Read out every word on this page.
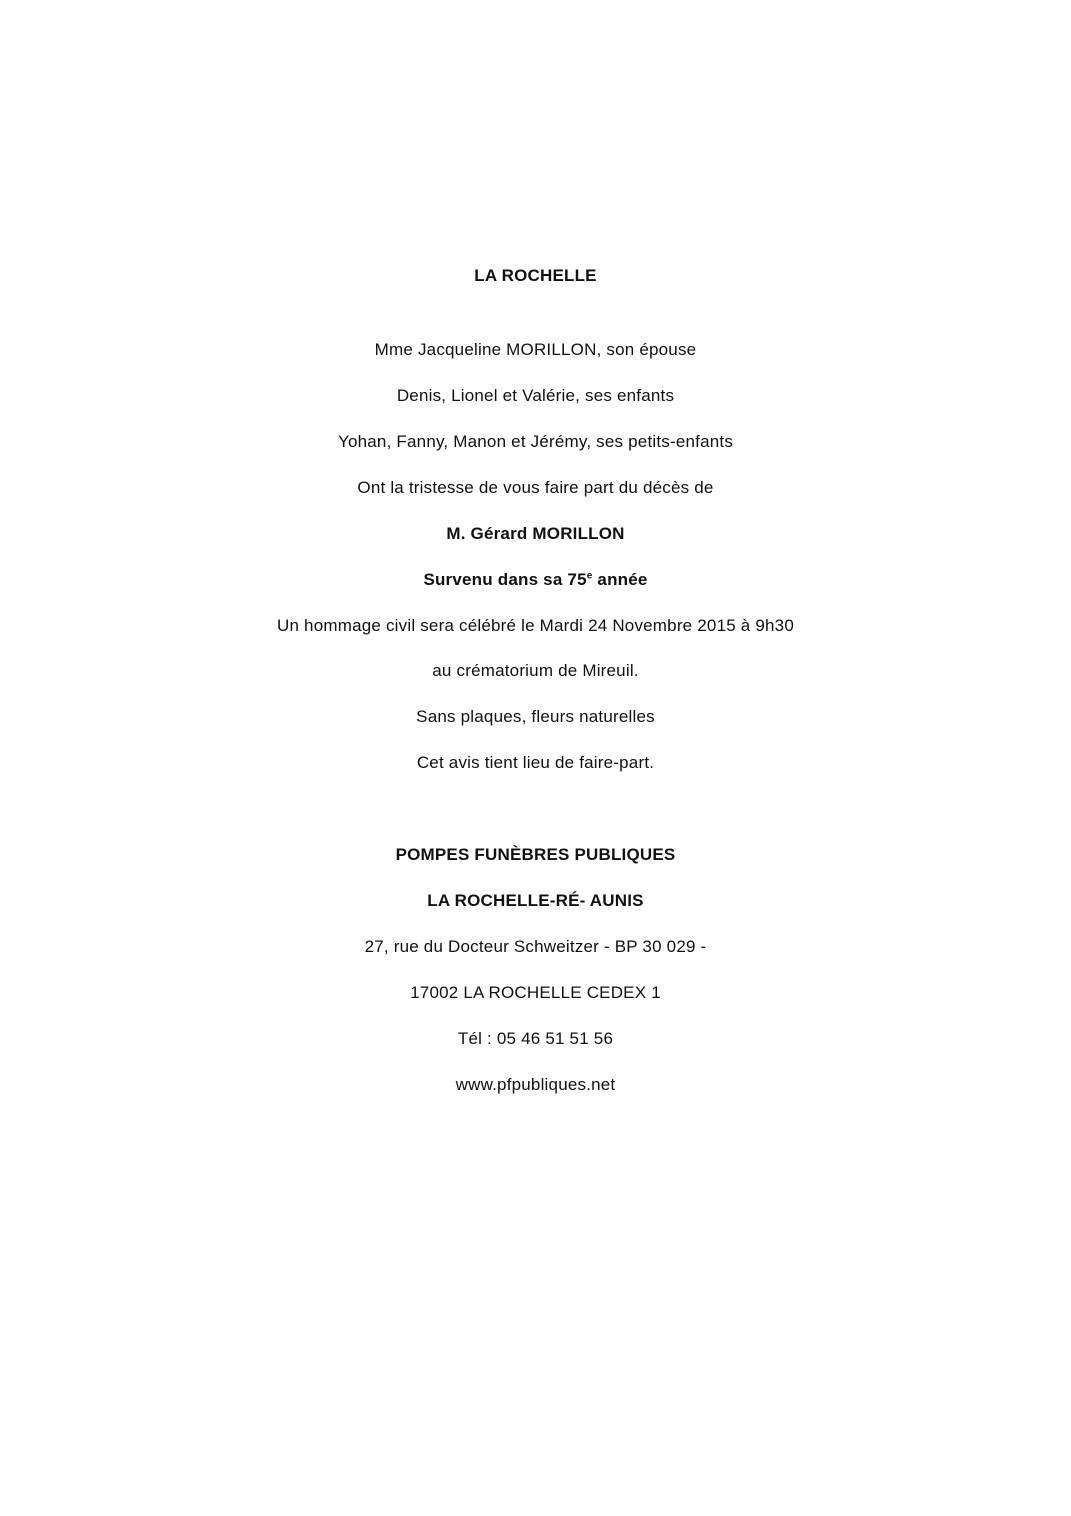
LA ROCHELLE
Mme Jacqueline MORILLON, son épouse
Denis, Lionel et Valérie, ses enfants
Yohan, Fanny, Manon et Jérémy, ses petits-enfants
Ont la tristesse de vous faire part du décès de
M. Gérard MORILLON
Survenu dans sa 75e année
Un hommage civil sera célébré le Mardi 24 Novembre 2015 à 9h30
au crématorium de Mireuil.
Sans plaques, fleurs naturelles
Cet avis tient lieu de faire-part.
POMPES FUNÈBRES PUBLIQUES
LA ROCHELLE-RÉ- AUNIS
27, rue du Docteur Schweitzer - BP 30 029 -
17002 LA ROCHELLE CEDEX 1
Tél : 05 46 51 51 56
www.pfpubliques.net
